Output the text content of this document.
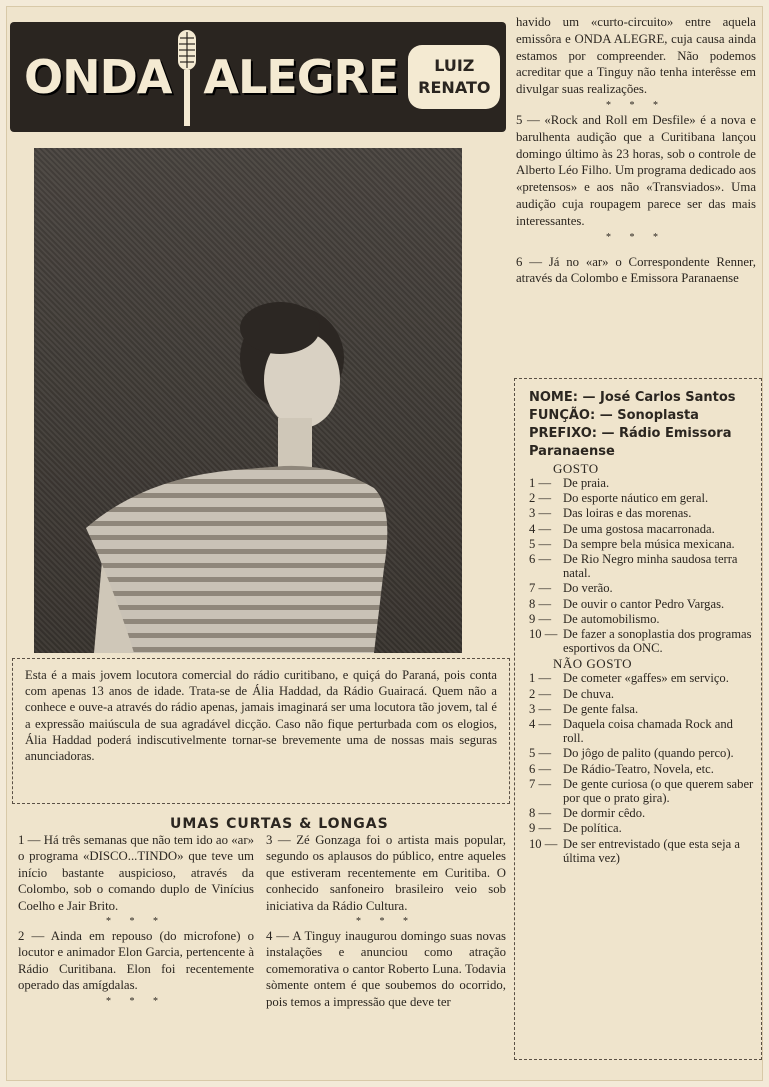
ONDA ALEGRE LUIZ
RENATO
Esta é a mais jovem locutora comercial do rádio curitibano, e quiçá do Paraná, pois conta com apenas 13 anos de idade. Trata-se de Ália Haddad, da Rádio Guairacá. Quem não a conhece e ouve-a através do rádio apenas, jamais imaginará ser uma locutora tão jovem, tal é a expressão maiúscula de sua agradável dicção. Caso não fique perturbada com os elogios, Ália Haddad poderá indiscutivelmente tornar-se brevemente uma de nossas mais seguras anunciadoras.
UMAS CURTAS & LONGAS

1 — Há três semanas que não tem ido ao «ar» o programa «DISCO...TINDO» que teve um início bastante auspicioso, através da Colombo, sob o comando duplo de Vinícius Coelho e Jair Brito.

* * *

2 — Ainda em repouso (do microfone) o locutor e animador Elon Garcia, pertencente à Rádio Curitibana. Elon foi recentemente operado das amígdalas.

* * *

3 — Zé Gonzaga foi o artista mais popular, segundo os aplausos do público, entre aqueles que estiveram recentemente em Curitiba. O conhecido sanfoneiro brasileiro veio sob iniciativa da Rádio Cultura.

* * *

4 — A Tinguy inaugurou domingo suas novas instalações e anunciou como atração comemorativa o cantor Roberto Luna. Todavia sòmente ontem é que soubemos do ocorrido, pois temos a impressão que deve ter

havido um «curto-circuito» entre aquela emissôra e ONDA ALEGRE, cuja causa ainda estamos por compreender. Não podemos acreditar que a Tinguy não tenha interêsse em divulgar suas realizações.

* * *

5 — «Rock and Roll em Desfile» é a nova e barulhenta audição que a Curitibana lançou domingo último às 23 horas, sob o controle de Alberto Léo Filho. Um programa dedicado aos «pretensos» e aos não «Transviados». Uma audição cuja roupagem parece ser das mais interessantes.

* * *

6 — Já no «ar» o Correspondente Renner, através da Colombo e Emissora Paranaense

NOME: — José Carlos Santos
FUNÇÃO: — Sonoplasta
PREFIXO: — Rádio Emissora Paranaense
GOSTO
1 — De praia.
2 — Do esporte náutico em geral.
3 — Das loiras e das morenas.
4 — De uma gostosa macarronada.
5 — Da sempre bela música mexicana.
6 — De Rio Negro minha saudosa terra natal.
7 — Do verão.
8 — De ouvir o cantor Pedro Vargas.
9 — De automobilismo.
10 — De fazer a sonoplastia dos programas esportivos da ONC.
NÃO GOSTO
1 — De cometer «gaffes» em serviço.
2 — De chuva.
3 — De gente falsa.
4 — Daquela coisa chamada Rock and roll.
5 — Do jôgo de palito (quando perco).
6 — De Rádio-Teatro, Novela, etc.
7 — De gente curiosa (o que querem saber por que o prato gira).
8 — De dormir cêdo.
9 — De política.
10 — De ser entrevistado (que esta seja a última vez)
